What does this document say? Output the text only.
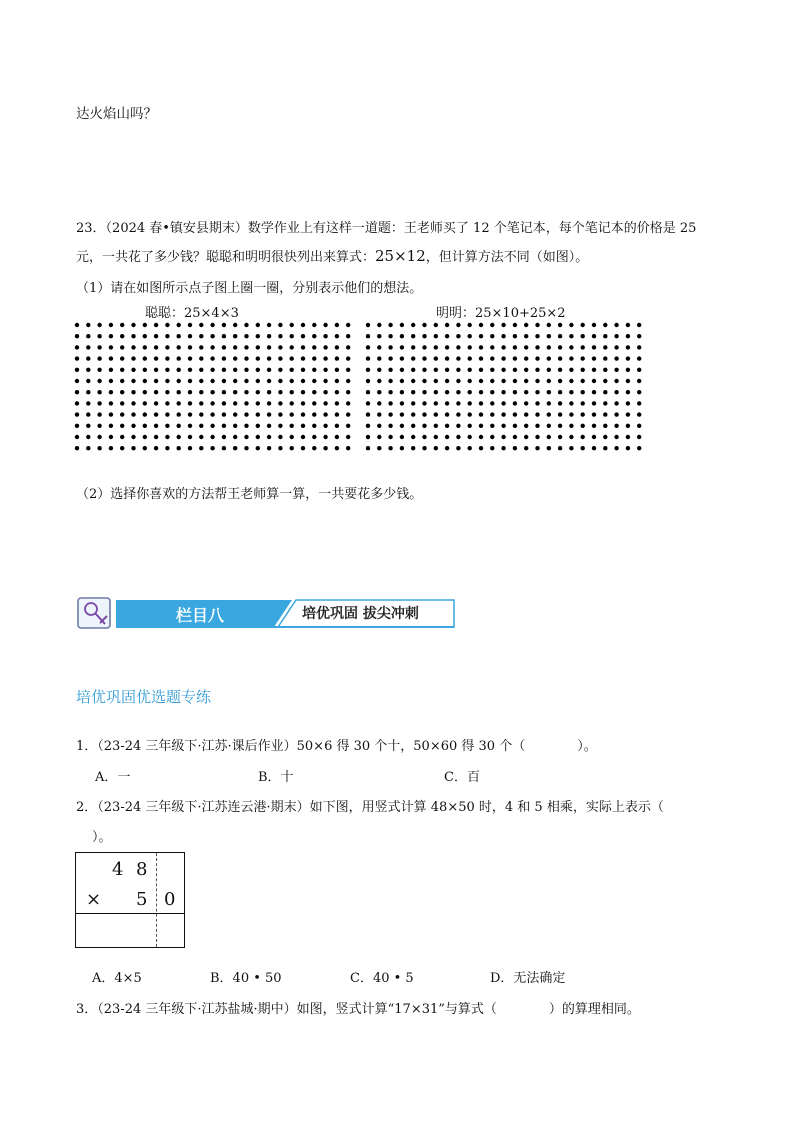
达火焰山吗？
23．（2024 春•镇安县期末）数学作业上有这样一道题：王老师买了 12 个笔记本，每个笔记本的价格是 25
元，一共花了多少钱？聪聪和明明很快列出来算式：25×12，但计算方法不同（如图）。
（1）请在如图所示点子图上圈一圈，分别表示他们的想法。
聪聪：25×4×3	明明：25×10+25×2
（2）选择你喜欢的方法帮王老师算一算，一共要花多少钱。
栏目八	培优巩固 拔尖冲刺
培优巩固优选题专练
1．（23-24 三年级下·江苏·课后作业）50×6 得 30 个十，50×60 得 30 个（　　　　）。
A．一	B．十	C．百
2．（23-24 三年级下·江苏连云港·期末）如下图，用竖式计算 48×50 时，4 和 5 相乘，实际上表示（
）。
4 8
× 5 0
A．4×5	B．40 • 50	C．40 • 5	D．无法确定
3．（23-24 三年级下·江苏盐城·期中）如图，竖式计算“17×31”与算式（　　　　）的算理相同。
